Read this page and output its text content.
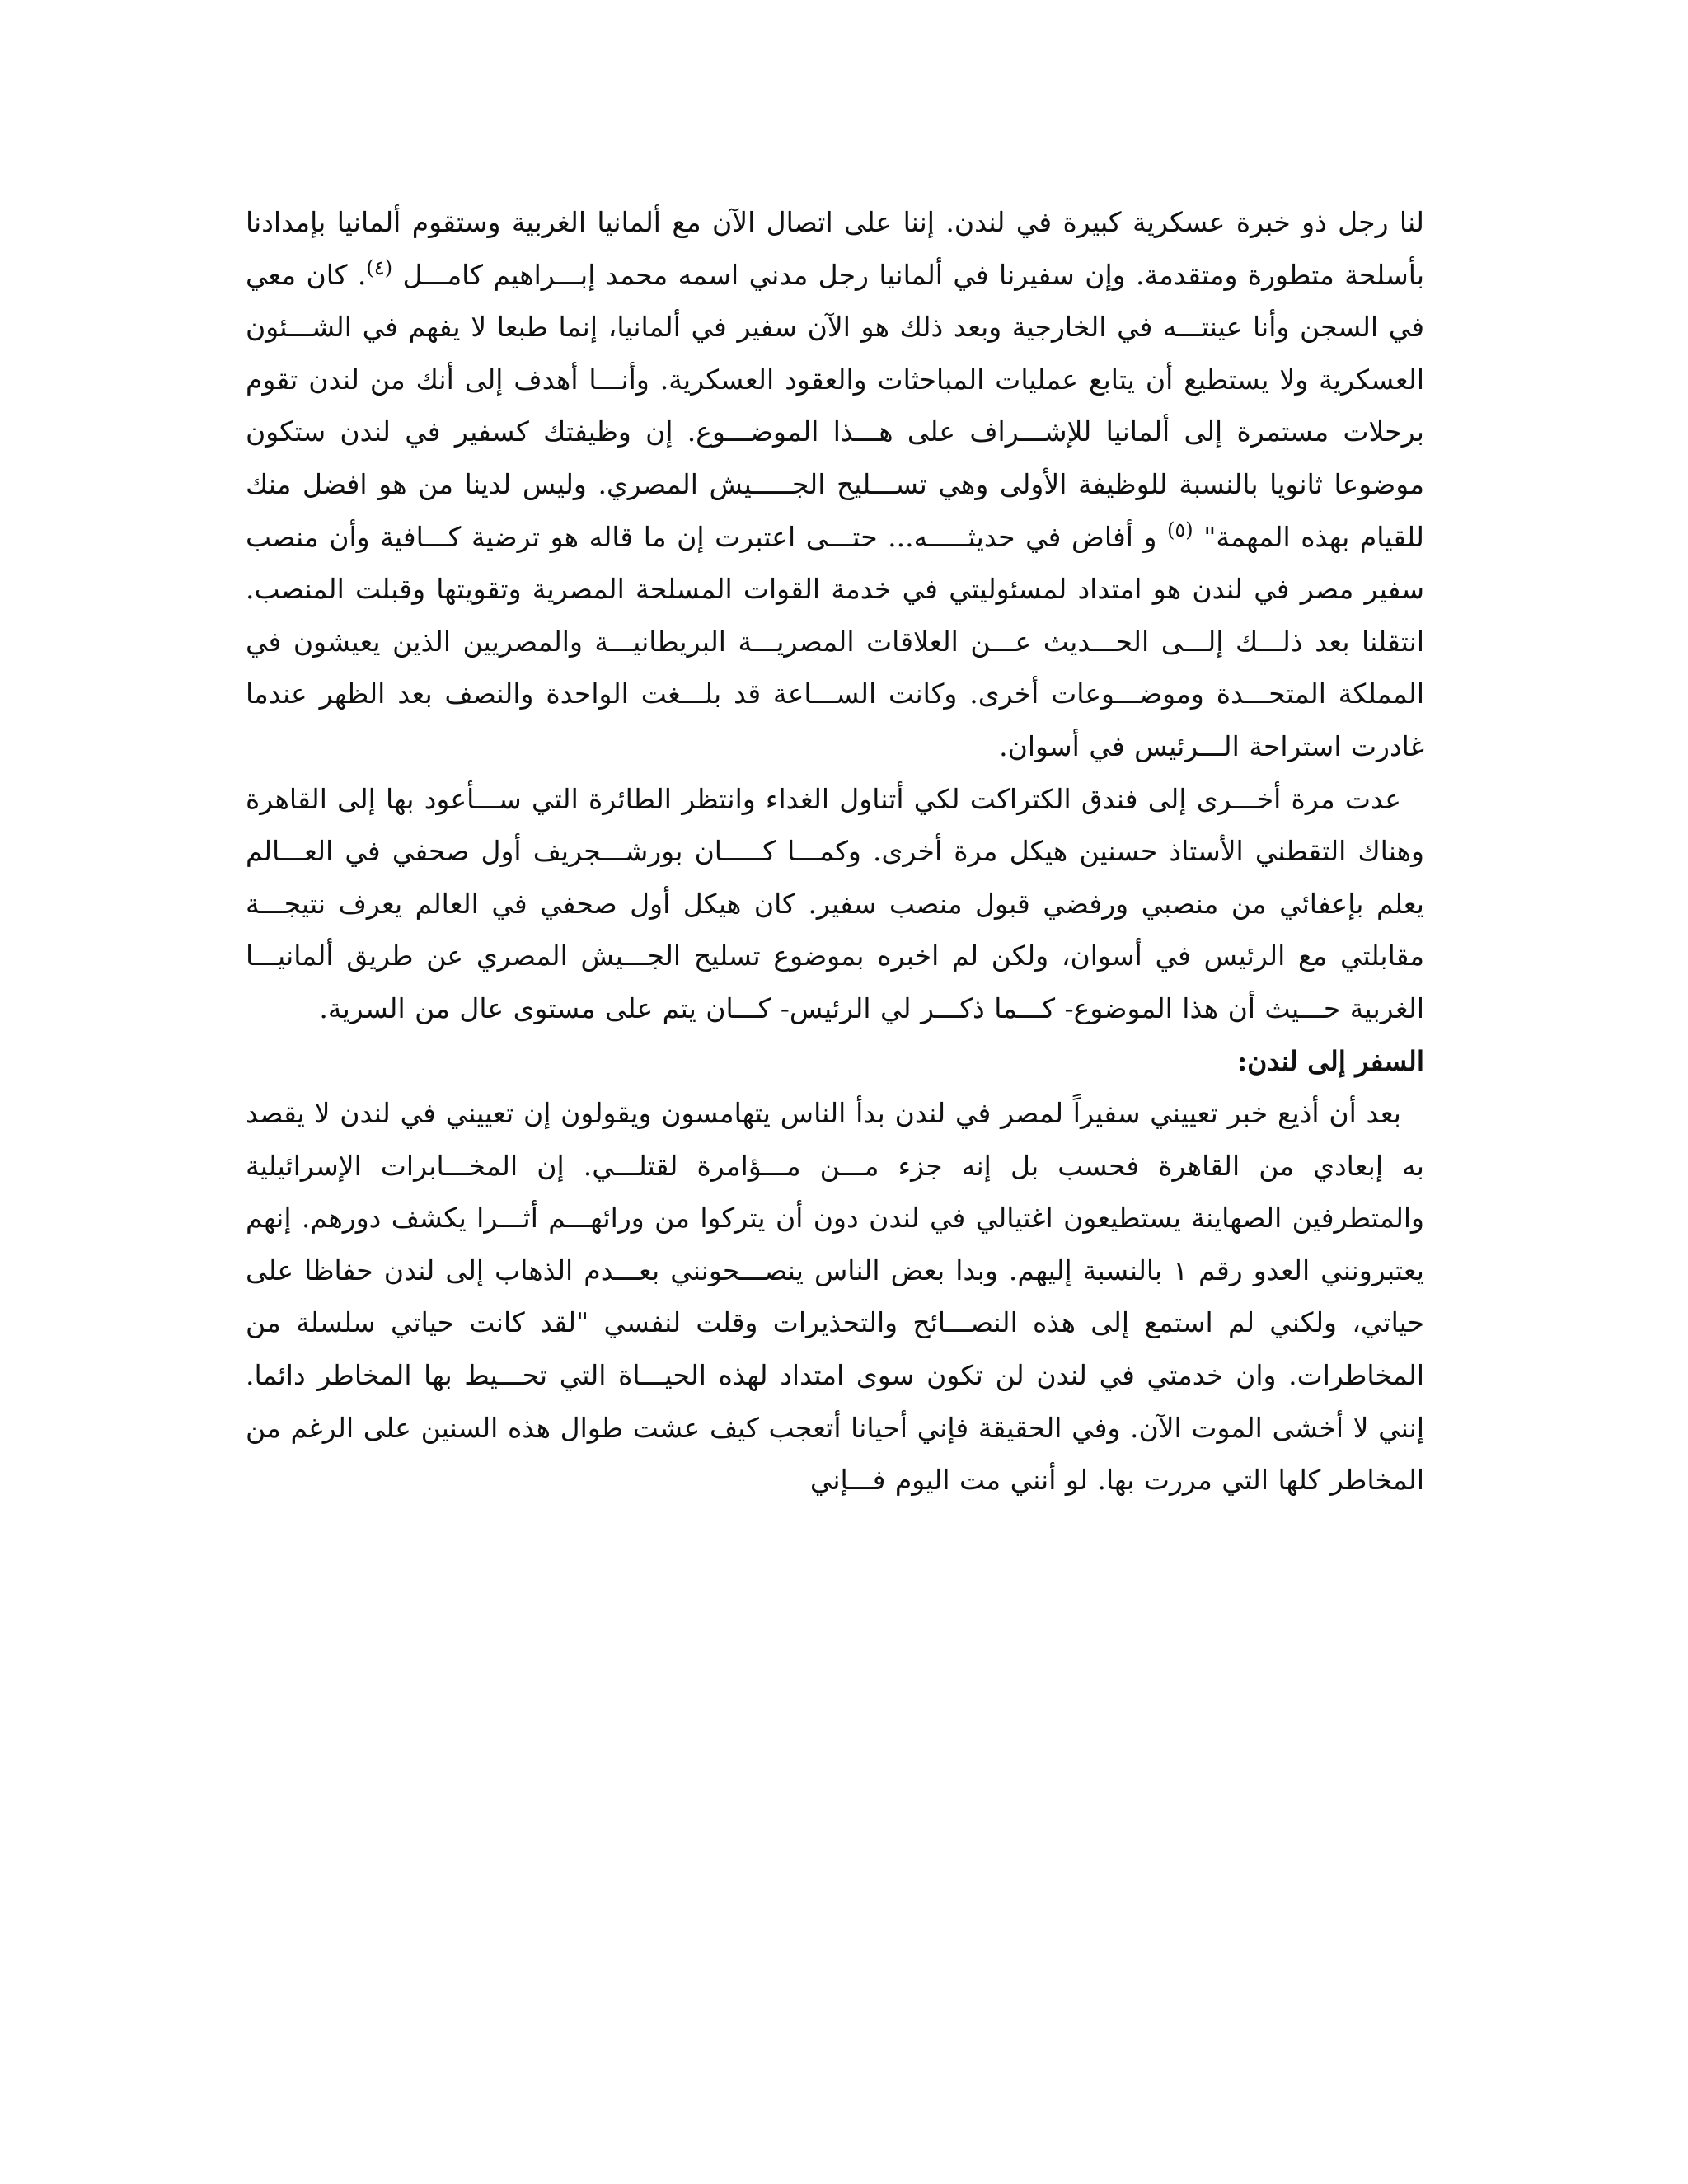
لنا رجل ذو خبرة عسكرية كبيرة في لندن. إننا على اتصال الآن مع ألمانيا الغربية وستقوم ألمانيا بإمدادنا بأسلحة متطورة ومتقدمة. وإن سفيرنا في ألمانيا رجل مدني اسمه محمد إبـــراهيم كامـــل $^{(٤)}$. كان معي في السجن وأنا عينتـــه في الخارجية وبعد ذلك هو الآن سفير في ألمانيا، إنما طبعا لا يفهم في الشـــئون العسكرية ولا يستطيع أن يتابع عمليات المباحثات والعقود العسكرية. وأنـــا أهدف إلى أنك من لندن تقوم برحلات مستمرة إلى ألمانيا للإشـــراف على هـــذا الموضـــوع. إن وظيفتك كسفير في لندن ستكون موضوعا ثانويا بالنسبة للوظيفة الأولى وهي تســـليح الجـــــيش المصري. وليس لدينا من هو افضل منك للقيام بهذه المهمة" $^{(٥)}$ و أفاض في حديثـــــه... حتـــى اعتبرت إن ما قاله هو ترضية كـــافية وأن منصب سفير مصر في لندن هو امتداد لمسئوليتي في خدمة القوات المسلحة المصرية وتقويتها وقبلت المنصب. انتقلنا بعد ذلـــك إلـــى الحـــديث عـــن العلاقات المصريـــة البريطانيـــة والمصريين الذين يعيشون في المملكة المتحـــدة وموضـــوعات أخرى. وكانت الســـاعة قد بلـــغت الواحدة والنصف بعد الظهر عندما غادرت استراحة الـــرئيس في أسوان.

عدت مرة أخـــرى إلى فندق الكتراكت لكي أتناول الغداء وانتظر الطائرة التي ســـأعود بها إلى القاهرة وهناك التقطني الأستاذ حسنين هيكل مرة أخرى. وكمـــا كـــــان بورشـــجريف أول صحفي في العـــالم يعلم بإعفائي من منصبي ورفضي قبول منصب سفير. كان هيكل أول صحفي في العالم يعرف نتيجـــة مقابلتي مع الرئيس في أسوان، ولكن لم اخبره بموضوع تسليح الجـــيش المصري عن طريق ألمانيـــا الغربية حـــيث أن هذا الموضوع- كـــما ذكـــر لي الرئيس- كـــان يتم على مستوى عال من السرية.

السفر إلى لندن:

بعد أن أذيع خبر تعييني سفيراً لمصر في لندن بدأ الناس يتهامسون ويقولون إن تعييني في لندن لا يقصد به إبعادي من القاهرة فحسب بل إنه جزء مـــن مـــؤامرة لقتلـــي. إن المخـــابرات الإسرائيلية والمتطرفين الصهاينة يستطيعون اغتيالي في لندن دون أن يتركوا من ورائهـــم أثـــرا يكشف دورهم. إنهم يعتبرونني العدو رقم ١ بالنسبة إليهم. وبدا بعض الناس ينصـــحونني بعـــدم الذهاب إلى لندن حفاظا على حياتي، ولكني لم استمع إلى هذه النصـــائح والتحذيرات وقلت لنفسي "لقد كانت حياتي سلسلة من المخاطرات. وان خدمتي في لندن لن تكون سوى امتداد لهذه الحيـــاة التي تحـــيط بها المخاطر دائما. إنني لا أخشى الموت الآن. وفي الحقيقة فإني أحيانا أتعجب كيف عشت طوال هذه السنين على الرغم من المخاطر كلها التي مررت بها. لو أنني مت اليوم فـــإني
